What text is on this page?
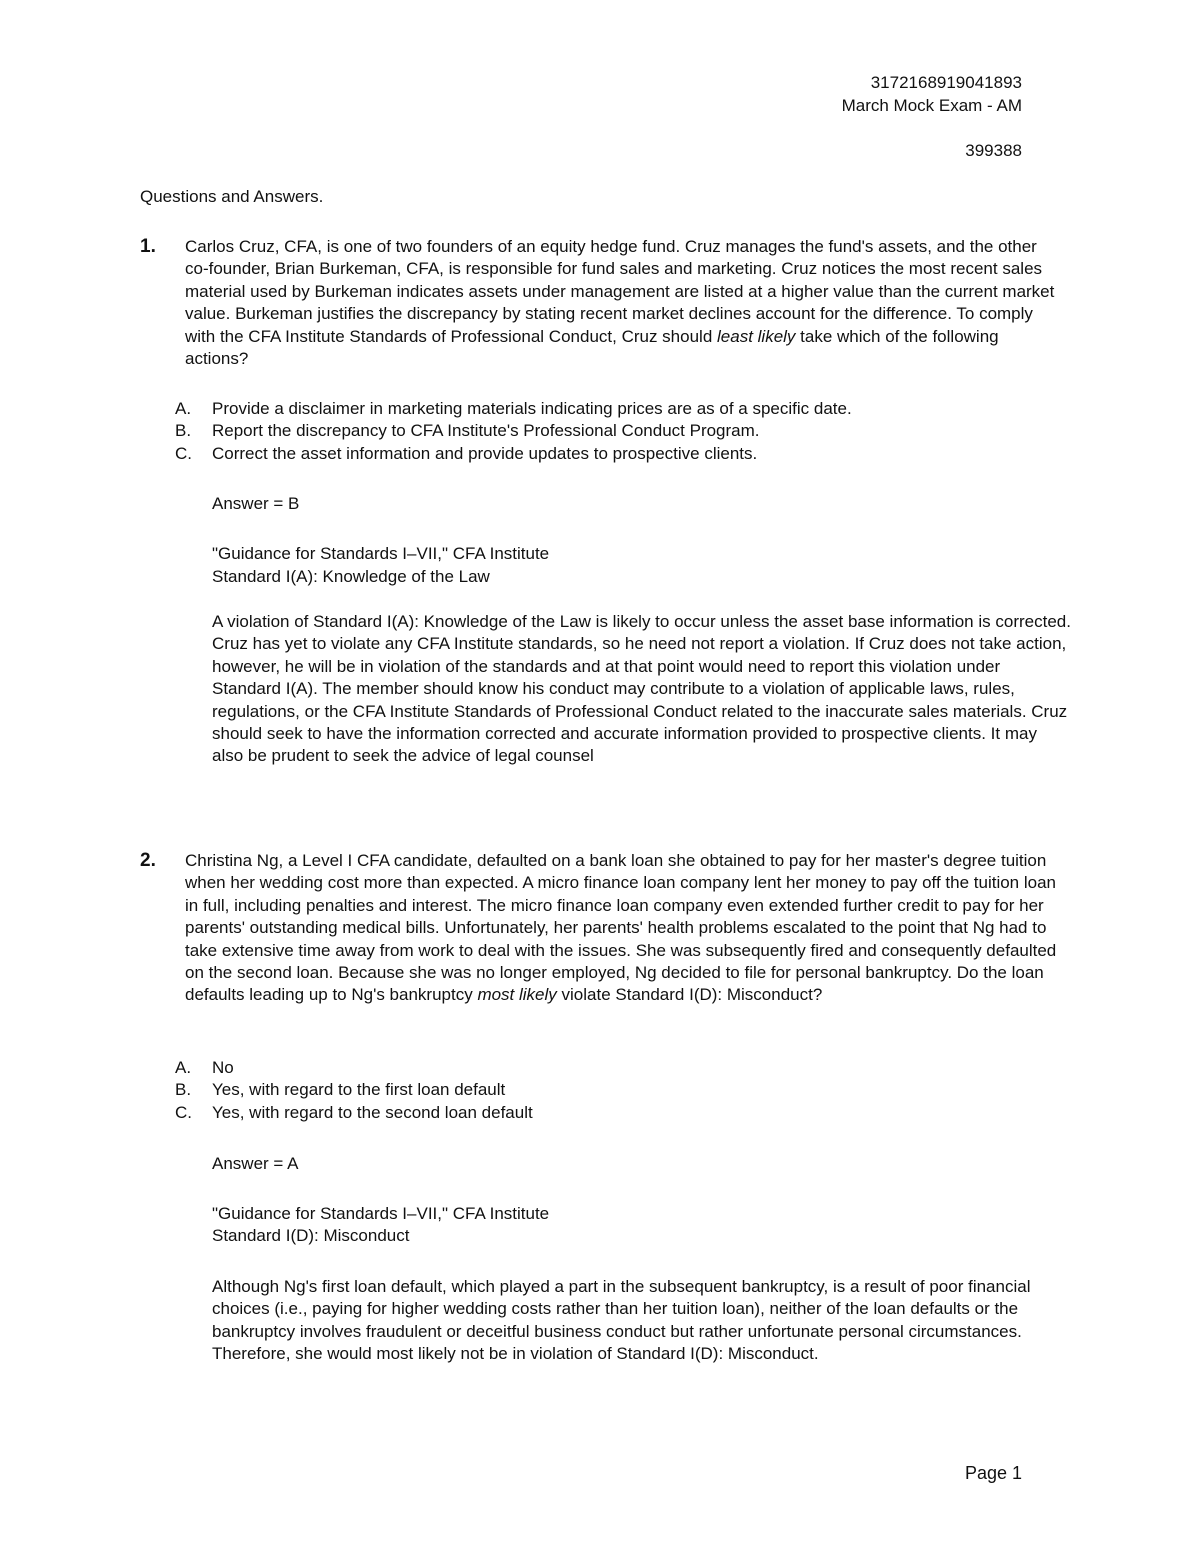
3172168919041893
March Mock Exam - AM
399388
Questions and Answers.
1. Carlos Cruz, CFA, is one of two founders of an equity hedge fund. Cruz manages the fund's assets, and the other co-founder, Brian Burkeman, CFA, is responsible for fund sales and marketing. Cruz notices the most recent sales material used by Burkeman indicates assets under management are listed at a higher value than the current market value. Burkeman justifies the discrepancy by stating recent market declines account for the difference. To comply with the CFA Institute Standards of Professional Conduct, Cruz should least likely take which of the following actions?

A.	Provide a disclaimer in marketing materials indicating prices are as of a specific date.
B.	Report the discrepancy to CFA Institute's Professional Conduct Program.
C.	Correct the asset information and provide updates to prospective clients.
Answer = B
"Guidance for Standards I–VII," CFA Institute
Standard I(A): Knowledge of the Law
A violation of Standard I(A): Knowledge of the Law is likely to occur unless the asset base information is corrected. Cruz has yet to violate any CFA Institute standards, so he need not report a violation. If Cruz does not take action, however, he will be in violation of the standards and at that point would need to report this violation under Standard I(A). The member should know his conduct may contribute to a violation of applicable laws, rules, regulations, or the CFA Institute Standards of Professional Conduct related to the inaccurate sales materials. Cruz should seek to have the information corrected and accurate information provided to prospective clients. It may also be prudent to seek the advice of legal counsel
2. Christina Ng, a Level I CFA candidate, defaulted on a bank loan she obtained to pay for her master's degree tuition when her wedding cost more than expected. A micro finance loan company lent her money to pay off the tuition loan in full, including penalties and interest. The micro finance loan company even extended further credit to pay for her parents' outstanding medical bills. Unfortunately, her parents' health problems escalated to the point that Ng had to take extensive time away from work to deal with the issues. She was subsequently fired and consequently defaulted on the second loan. Because she was no longer employed, Ng decided to file for personal bankruptcy. Do the loan defaults leading up to Ng's bankruptcy most likely violate Standard I(D): Misconduct?

A.	No
B.	Yes, with regard to the first loan default
C.	Yes, with regard to the second loan default
Answer = A
"Guidance for Standards I–VII," CFA Institute
Standard I(D): Misconduct
Although Ng's first loan default, which played a part in the subsequent bankruptcy, is a result of poor financial choices (i.e., paying for higher wedding costs rather than her tuition loan), neither of the loan defaults or the bankruptcy involves fraudulent or deceitful business conduct but rather unfortunate personal circumstances. Therefore, she would most likely not be in violation of Standard I(D): Misconduct.
Page 1
